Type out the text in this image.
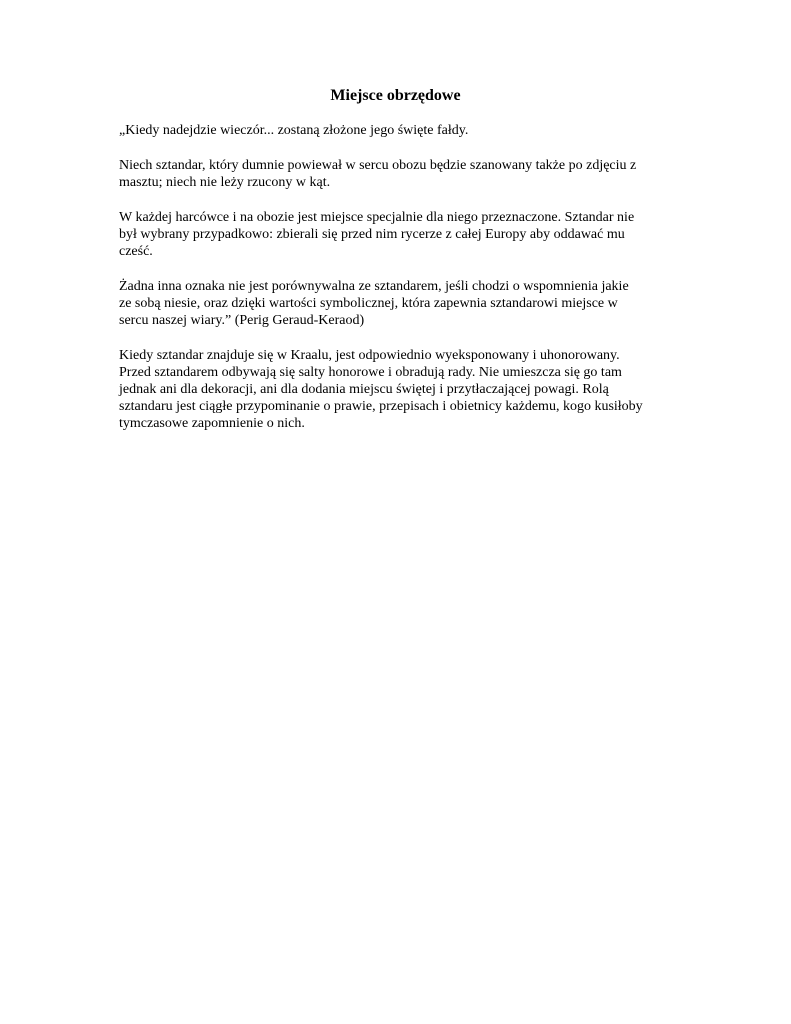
Miejsce obrzędowe

„Kiedy nadejdzie wieczór... zostaną złożone jego święte fałdy.

Niech sztandar, który dumnie powiewał w sercu obozu będzie szanowany także po zdjęciu z
masztu; niech nie leży rzucony w kąt.

W każdej harcówce i na obozie jest miejsce specjalnie dla niego przeznaczone. Sztandar nie
był wybrany przypadkowo: zbierali się przed nim rycerze z całej Europy aby oddawać mu
cześć.

Żadna inna oznaka nie jest porównywalna ze sztandarem, jeśli chodzi o wspomnienia jakie
ze sobą niesie, oraz dzięki wartości symbolicznej, która zapewnia sztandarowi miejsce w
sercu naszej wiary.” (Perig Geraud-Keraod)

Kiedy sztandar znajduje się w Kraalu, jest odpowiednio wyeksponowany i uhonorowany.
Przed sztandarem odbywają się salty honorowe i obradują rady. Nie umieszcza się go tam
jednak ani dla dekoracji, ani dla dodania miejscu świętej i przytłaczającej powagi. Rolą
sztandaru jest ciągłe przypominanie o prawie, przepisach i obietnicy każdemu, kogo kusiłoby
tymczasowe zapomnienie o nich.
